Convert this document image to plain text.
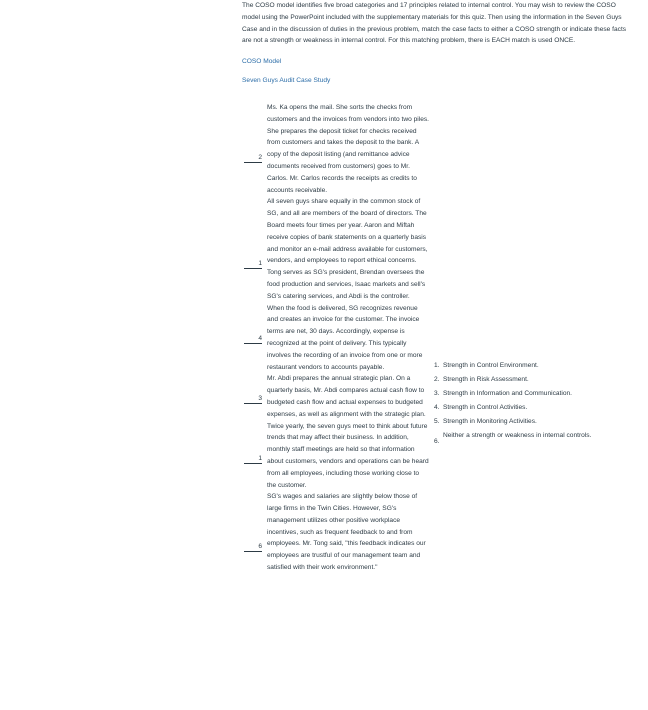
The COSO model identifies five broad categories and 17 principles related to internal control. You may wish to review the COSO model using the PowerPoint included with the supplementary materials for this quiz. Then using the information in the Seven Guys Case and in the discussion of duties in the previous problem, match the case facts to either a COSO strength or indicate these facts are not a strength or weakness in internal control. For this matching problem, there is EACH match is used ONCE.

COSO Model
Seven Guys Audit Case Study
2
Ms. Ka opens the mail. She sorts the checks from customers and the invoices from vendors into two piles. She prepares the deposit ticket for checks received from customers and takes the deposit to the bank. A copy of the deposit listing (and remittance advice documents received from customers) goes to Mr. Carlos. Mr. Carlos records the receipts as credits to accounts receivable.
1
All seven guys share equally in the common stock of SG, and all are members of the board of directors. The Board meets four times per year. Aaron and Miftah receive copies of bank statements on a quarterly basis and monitor an e-mail address available for customers, vendors, and employees to report ethical concerns. Tong serves as SG's president, Brendan oversees the food production and services, Isaac markets and sell's SG's catering services, and Abdi is the controller.
4
When the food is delivered, SG recognizes revenue and creates an invoice for the customer. The invoice terms are net, 30 days. Accordingly, expense is recognized at the point of delivery. This typically involves the recording of an invoice from one or more restaurant vendors to accounts payable.
3
Mr. Abdi prepares the annual strategic plan. On a quarterly basis, Mr. Abdi compares actual cash flow to budgeted cash flow and actual expenses to budgeted expenses, as well as alignment with the strategic plan.
1
Twice yearly, the seven guys meet to think about future trends that may affect their business. In addition, monthly staff meetings are held so that information about customers, vendors and operations can be heard from all employees, including those working close to the customer.
6
SG's wages and salaries are slightly below those of large firms in the Twin Cities. However, SG's management utilizes other positive workplace incentives, such as frequent feedback to and from employees. Mr. Tong said, "this feedback indicates our employees are trustful of our management team and satisfied with their work environment."
1. Strength in Control Environment.
2. Strength in Risk Assessment.
3. Strength in Information and Communication.
4. Strength in Control Activities.
5. Strength in Monitoring Activities.
6.
Neither a strength or weakness in internal controls.
